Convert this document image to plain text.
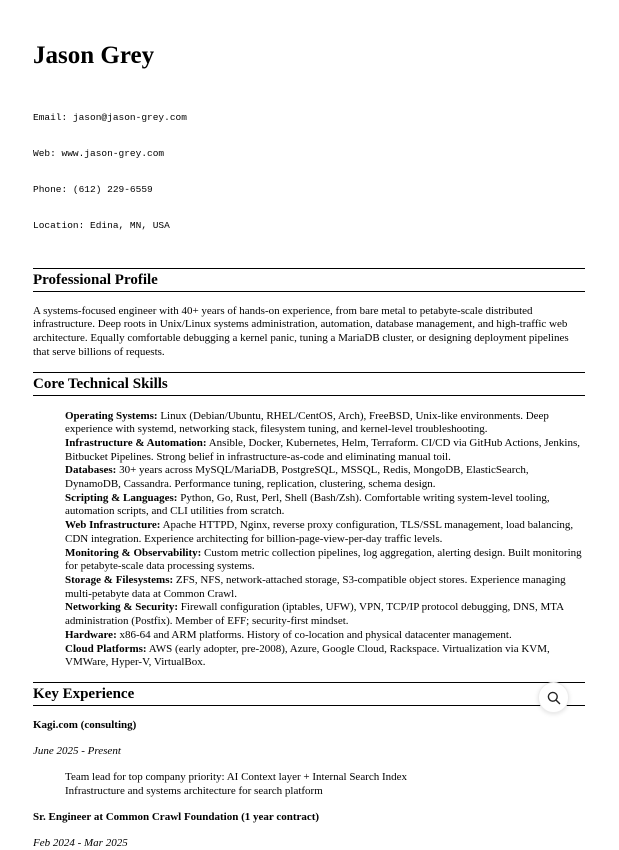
Jason Grey

Email: jason@jason-grey.com

Web: www.jason-grey.com

Phone: (612) 229-6559

Location: Edina, MN, USA

Professional Profile

A systems-focused engineer with 40+ years of hands-on experience, from bare metal to petabyte-scale distributed infrastructure. Deep roots in Unix/Linux systems administration, automation, database management, and high-traffic web architecture. Equally comfortable debugging a kernel panic, tuning a MariaDB cluster, or designing deployment pipelines that serve billions of requests.

Core Technical Skills
Operating Systems: Linux (Debian/Ubuntu, RHEL/CentOS, Arch), FreeBSD, Unix-like environments. Deep experience with systemd, networking stack, filesystem tuning, and kernel-level troubleshooting.
Infrastructure & Automation: Ansible, Docker, Kubernetes, Helm, Terraform. CI/CD via GitHub Actions, Jenkins, Bitbucket Pipelines. Strong belief in infrastructure-as-code and eliminating manual toil.
Databases: 30+ years across MySQL/MariaDB, PostgreSQL, MSSQL, Redis, MongoDB, ElasticSearch, DynamoDB, Cassandra. Performance tuning, replication, clustering, schema design.
Scripting & Languages: Python, Go, Rust, Perl, Shell (Bash/Zsh). Comfortable writing system-level tooling, automation scripts, and CLI utilities from scratch.
Web Infrastructure: Apache HTTPD, Nginx, reverse proxy configuration, TLS/SSL management, load balancing, CDN integration. Experience architecting for billion-page-view-per-day traffic levels.
Monitoring & Observability: Custom metric collection pipelines, log aggregation, alerting design. Built monitoring for petabyte-scale data processing systems.
Storage & Filesystems: ZFS, NFS, network-attached storage, S3-compatible object stores. Experience managing multi-petabyte data at Common Crawl.
Networking & Security: Firewall configuration (iptables, UFW), VPN, TCP/IP protocol debugging, DNS, MTA administration (Postfix). Member of EFF; security-first mindset.
Hardware: x86-64 and ARM platforms. History of co-location and physical datacenter management.
Cloud Platforms: AWS (early adopter, pre-2008), Azure, Google Cloud, Rackspace. Virtualization via KVM, VMWare, Hyper-V, VirtualBox.
Key Experience

Kagi.com (consulting)

June 2025 - Present

Team lead for top company priority: AI Context layer + Internal Search Index
Infrastructure and systems architecture for search platform

Sr. Engineer at Common Crawl Foundation (1 year contract)

Feb 2024 - Mar 2025
